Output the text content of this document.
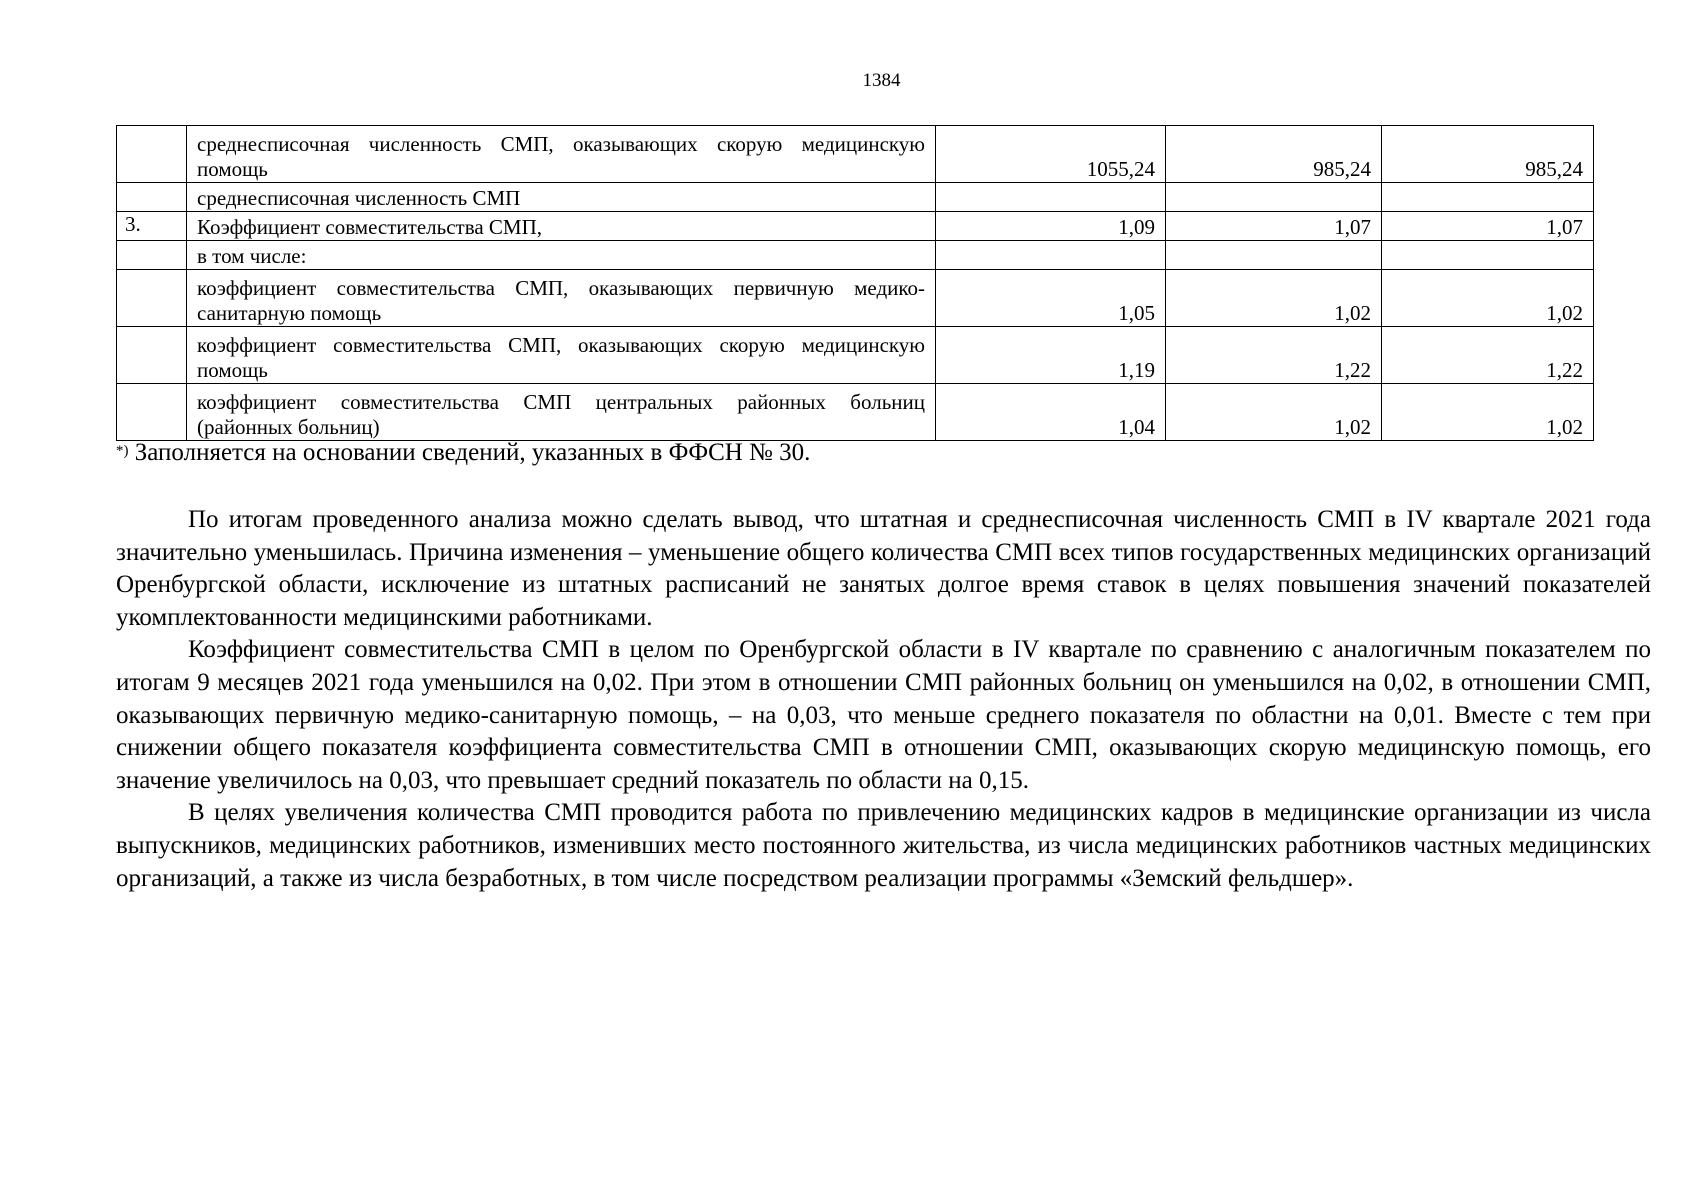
1384
	среднесписочная численность СМП, оказывающих скорую медицинскую помощь	1055,24	985,24	985,24
	среднесписочная численность СМП			
3.	Коэффициент совместительства СМП,	1,09	1,07	1,07
	в том числе:			
	коэффициент совместительства СМП, оказывающих первичную медико-санитарную помощь	1,05	1,02	1,02
	коэффициент совместительства СМП, оказывающих скорую медицинскую помощь	1,19	1,22	1,22
	коэффициент совместительства СМП центральных районных больниц (районных больниц)	1,04	1,02	1,02
*) Заполняется на основании сведений, указанных в ФФСН № 30.

По итогам проведенного анализа можно сделать вывод, что штатная и среднесписочная численность СМП в IV квартале 2021 года значительно уменьшилась. Причина изменения – уменьшение общего количества СМП всех типов государственных медицинских организаций Оренбургской области, исключение из штатных расписаний не занятых долгое время ставок в целях повышения значений показателей укомплектованности медицинскими работниками.

Коэффициент совместительства СМП в целом по Оренбургской области в IV квартале по сравнению с аналогичным показателем по итогам 9 месяцев 2021 года уменьшился на 0,02. При этом в отношении СМП районных больниц он уменьшился на 0,02, в отношении СМП, оказывающих первичную медико-санитарную помощь, – на 0,03, что меньше среднего показателя по областни на 0,01. Вместе с тем при снижении общего показателя коэффициента совместительства СМП в отношении СМП, оказывающих скорую медицинскую помощь, его значение увеличилось на 0,03, что превышает средний показатель по области на 0,15.

В целях увеличения количества СМП проводится работа по привлечению медицинских кадров в медицинские организации из числа выпускников, медицинских работников, изменивших место постоянного жительства, из числа медицинских работников частных медицинских организаций, а также из числа безработных, в том числе посредством реализации программы «Земский фельдшер».
